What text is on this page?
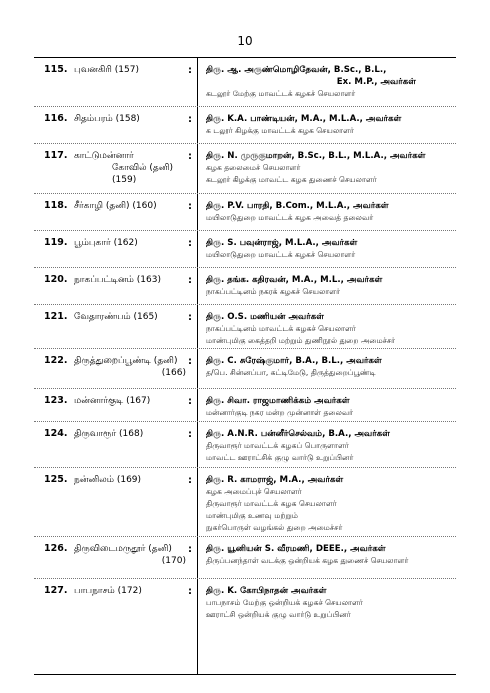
10
115. புவனகிரி (157)	: திரு. ஆ. அருண்மொழிதேவன், B.Sc., B.L.,
Ex. M.P., அவர்கள்
கடலூர் மேற்கு மாவட்டக் கழகச் செயலாளர்
116. சிதம்பரம் (158)	: திரு. K.A. பாண்டியன், M.A., M.L.A., அவர்கள்
க டலூர் கிழக்கு மாவட்டக் கழக செயலாளர்
117. காட்டுமன்னார்
கோவில் (தனி) (159)
: திரு. N. முருகுமாறன், B.Sc., B.L., M.L.A., அவர்கள்
கழக தலைமைச் செயலாளர்
கடலூர் கிழக்கு மாவட்ட கழக துணைச் செயலாளர்
118. சீர்காழி (தனி) (160)	: திரு. P.V. பாரதி, B.Com., M.L.A., அவர்கள்
மயிலாடுதுறை மாவட்டக் கழக அவைத் தலைவர்
119. பூம்புகார் (162)	: திரு. S. பவுன்ராஜ், M.L.A., அவர்கள்
மயிலாடுதுறை மாவட்டக் கழகச் செயலாளர்
120. நாகப்பட்டினம் (163)	: திரு. தங்க. கதிரவன், M.A., M.L., அவர்கள்
நாகப்பட்டினம் நகரக் கழகச் செயலாளர்
121. வேதாரண்யம் (165)	: திரு. O.S. மணியன் அவர்கள்
நாகப்பட்டினம் மாவட்டக் கழகச் செயலாளர்
மாண்புமிகு கைத்தறி மற்றும் துணிநூல் துறை அமைச்சர்
122. திருத்துறைப்பூண்டி (தனி)
(166)
: திரு. C. சுரேஷ்குமார், B.A., B.L., அவர்கள்
த/பெ. சின்னப்பா, கட்டிமேடு, திருத்துறைப்பூண்டி
123. மன்னார்குடி (167)	: திரு. சிவா. ராஜமாணிக்கம் அவர்கள்
மன்னார்குடி நகர மன்ற முன்னாள் தலைவர்
124. திருவாரூர் (168)	: திரு. A.N.R. பன்னீர்செல்வம், B.A., அவர்கள்
திருவாரூர் மாவட்டக் கழகப் பொருளாளர்
மாவட்ட ஊராட்சிக் குழு வார்டு உறுப்பினர்
125. நன்னிலம் (169)	: திரு. R. காமராஜ், M.A., அவர்கள்
கழக அமைப்புச் செயலாளர்
திருவாரூர் மாவட்டக் கழக செயலாளர்
மாண்புமிகு உணவு மற்றும்
நுகர்பொருள் வழங்கல் துறை அமைச்சர்
126. திருவிடைமருதூர் (தனி)
(170)
: திரு. யூனியன் S. வீரமணி, DEEE., அவர்கள்
திருப்பனந்தாள் வடக்கு ஒன்றியக் கழக துணைச் செயலாளர்
127. பாபநாசம் (172)	: திரு. K. கோபிநாதன் அவர்கள்
பாபநாசம் மேற்கு ஒன்றியக் கழகச் செயலாளர்
ஊராட்சி ஒன்றியக் குழு வார்டு உறுப்பினர்
